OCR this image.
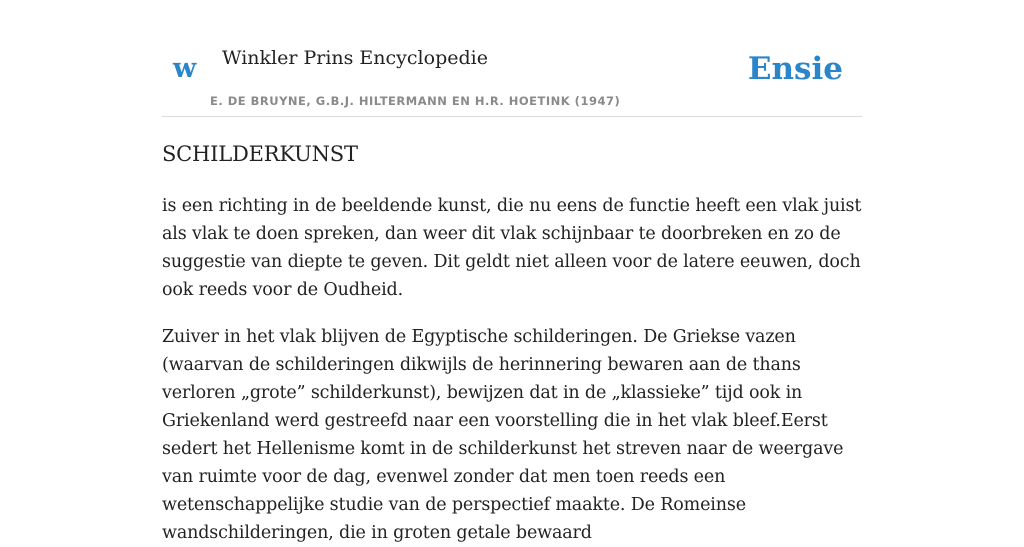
w Winkler Prins Encyclopedie
E. DE BRUYNE, G.B.J. HILTERMANN EN H.R. HOETINK (1947)
Ensie
SCHILDERKUNST

is een richting in de beeldende kunst, die nu eens de functie heeft een vlak juist als vlak te doen spreken, dan weer dit vlak schijnbaar te doorbreken en zo de suggestie van diepte te geven. Dit geldt niet alleen voor de latere eeuwen, doch ook reeds voor de Oudheid.

Zuiver in het vlak blijven de Egyptische schilderingen. De Griekse vazen (waarvan de schilderingen dikwijls de herinnering bewaren aan de thans verloren „grote” schilderkunst), bewijzen dat in de „klassieke” tijd ook in Griekenland werd gestreefd naar een voorstelling die in het vlak bleef.Eerst sedert het Hellenisme komt in de schilderkunst het streven naar de weergave van ruimte voor de dag, evenwel zonder dat men toen reeds een wetenschappelijke studie van de perspectief maakte. De Romeinse wandschilderingen, die in groten getale bewaard
